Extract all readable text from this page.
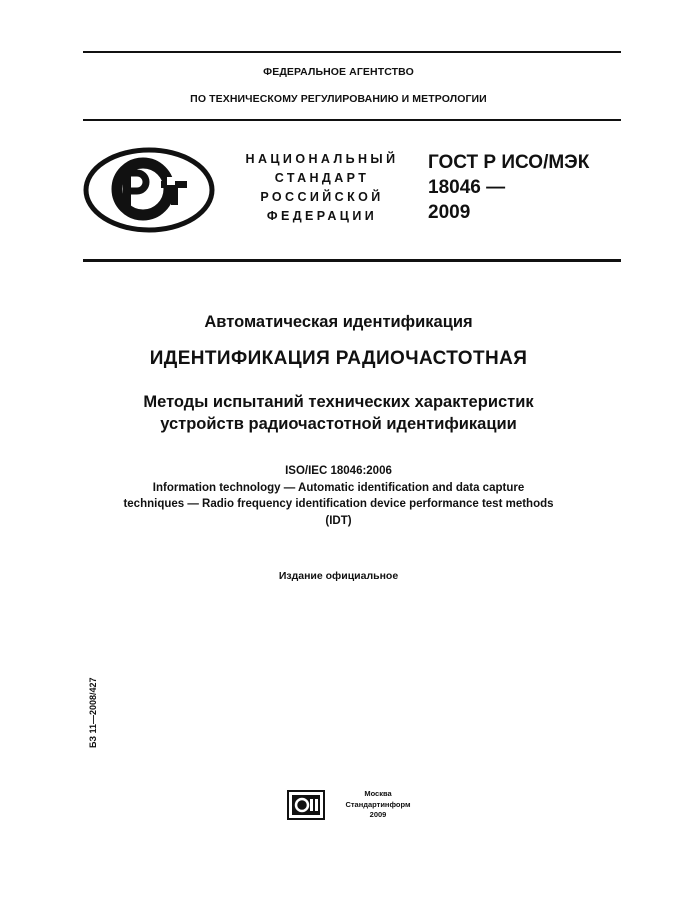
ФЕДЕРАЛЬНОЕ АГЕНТСТВО
ПО ТЕХНИЧЕСКОМУ РЕГУЛИРОВАНИЮ И МЕТРОЛОГИИ
НАЦИОНАЛЬНЫЙ
СТАНДАРТ
РОССИЙСКОЙ
ФЕДЕРАЦИИ
ГОСТ Р ИСО/МЭК
18046 —
2009
Автоматическая идентификация
ИДЕНТИФИКАЦИЯ РАДИОЧАСТОТНАЯ
Методы испытаний технических характеристик
устройств радиочастотной идентификации
ISO/IEC 18046:2006
Information technology — Automatic identification and data capture
techniques — Radio frequency identification device performance test methods
(IDT)
Издание официальное
БЗ 11—2008/427
Москва
Стандартинформ
2009
